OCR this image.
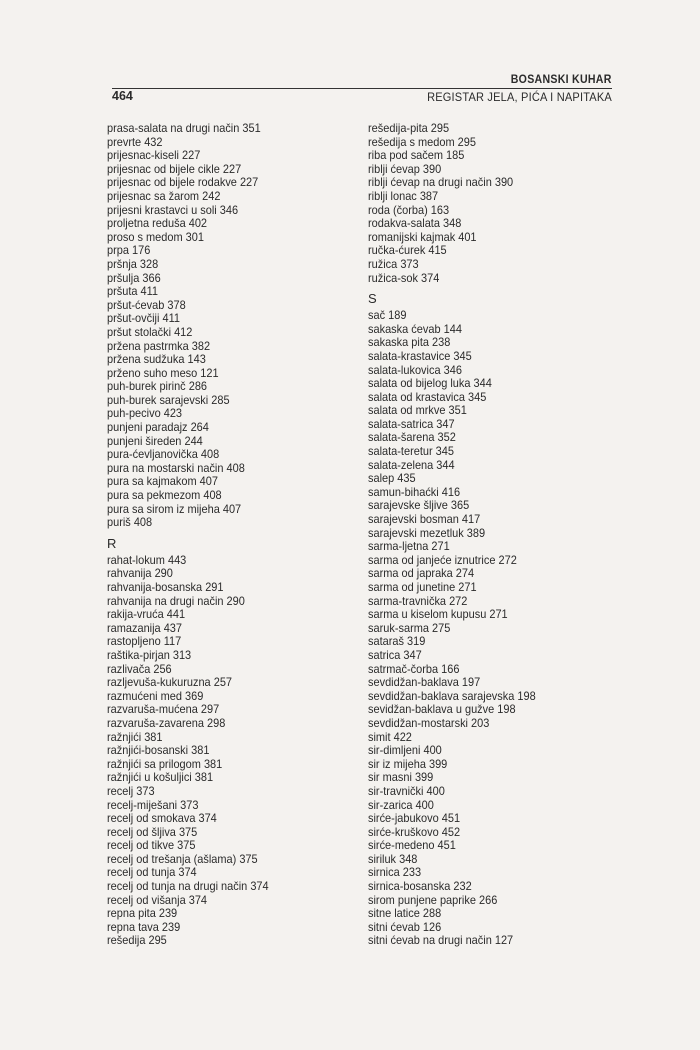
BOSANSKI KUHAR
464	REGISTAR JELA, PIĆA I NAPITAKA
prasa-salata na drugi način 351
prevrte 432
prijesnac-kiseli 227
prijesnac od bijele cikle 227
prijesnac od bijele rodakve 227
prijesnac sa žarom 242
prijesni krastavci u soli 346
proljetna reduša 402
proso s medom 301
prpa 176
pršnja 328
pršulja 366
pršuta 411
pršut-ćevab 378
pršut-ovčiji 411
pršut stolački 412
pržena pastrmka 382
pržena sudžuka 143
prženo suho meso 121
puh-burek pirinč 286
puh-burek sarajevski 285
puh-pecivo 423
punjeni paradajz 264
punjeni šireden 244
pura-ćevljanovička 408
pura na mostarski način 408
pura sa kajmakom 407
pura sa pekmezom 408
pura sa sirom iz mijeha 407
puriš 408
R
rahat-lokum 443
rahvanija 290
rahvanija-bosanska 291
rahvanija na drugi način 290
rakija-vruća 441
ramazanija 437
rastopljeno 117
raštika-pirjan 313
razlivača 256
razljevuša-kukuruzna 257
razmućeni med 369
razvaruša-mućena 297
razvaruša-zavarena 298
ražnjići 381
ražnjići-bosanski 381
ražnjići sa prilogom 381
ražnjići u košuljici 381
recelj 373
recelj-miješani 373
recelj od smokava 374
recelj od šljiva 375
recelj od tikve 375
recelj od trešanja (ašlama) 375
recelj od tunja 374
recelj od tunja na drugi način 374
recelj od višanja 374
repna pita 239
repna tava 239
rešedija 295
rešedija-pita 295
rešedija s medom 295
riba pod sačem 185
riblji ćevap 390
riblji ćevap na drugi način 390
riblji lonac 387
roda (čorba) 163
rodakva-salata 348
romanijski kajmak 401
ručka-ćurek 415
ružica 373
ružica-sok 374
S
sač 189
sakaska ćevab 144
sakaska pita 238
salata-krastavice 345
salata-lukovica 346
salata od bijelog luka 344
salata od krastavica 345
salata od mrkve 351
salata-satrica 347
salata-šarena 352
salata-teretur 345
salata-zelena 344
salep 435
samun-bihaćki 416
sarajevske šljive 365
sarajevski bosman 417
sarajevski mezetluk 389
sarma-ljetna 271
sarma od janjeće iznutrice 272
sarma od japraka 274
sarma od junetine 271
sarma-travnička 272
sarma u kiselom kupusu 271
saruk-sarma 275
sataraš 319
satrica 347
satrmač-čorba 166
sevdidžan-baklava 197
sevdidžan-baklava sarajevska 198
sevidžan-baklava u gužve 198
sevdidžan-mostarski 203
simit 422
sir-dimljeni 400
sir iz mijeha 399
sir masni 399
sir-travnički 400
sir-zarica 400
sirće-jabukovo 451
sirće-kruškovo 452
sirće-medeno 451
siriluk 348
sirnica 233
sirnica-bosanska 232
sirom punjene paprike 266
sitne latice 288
sitni ćevab 126
sitni ćevab na drugi način 127
